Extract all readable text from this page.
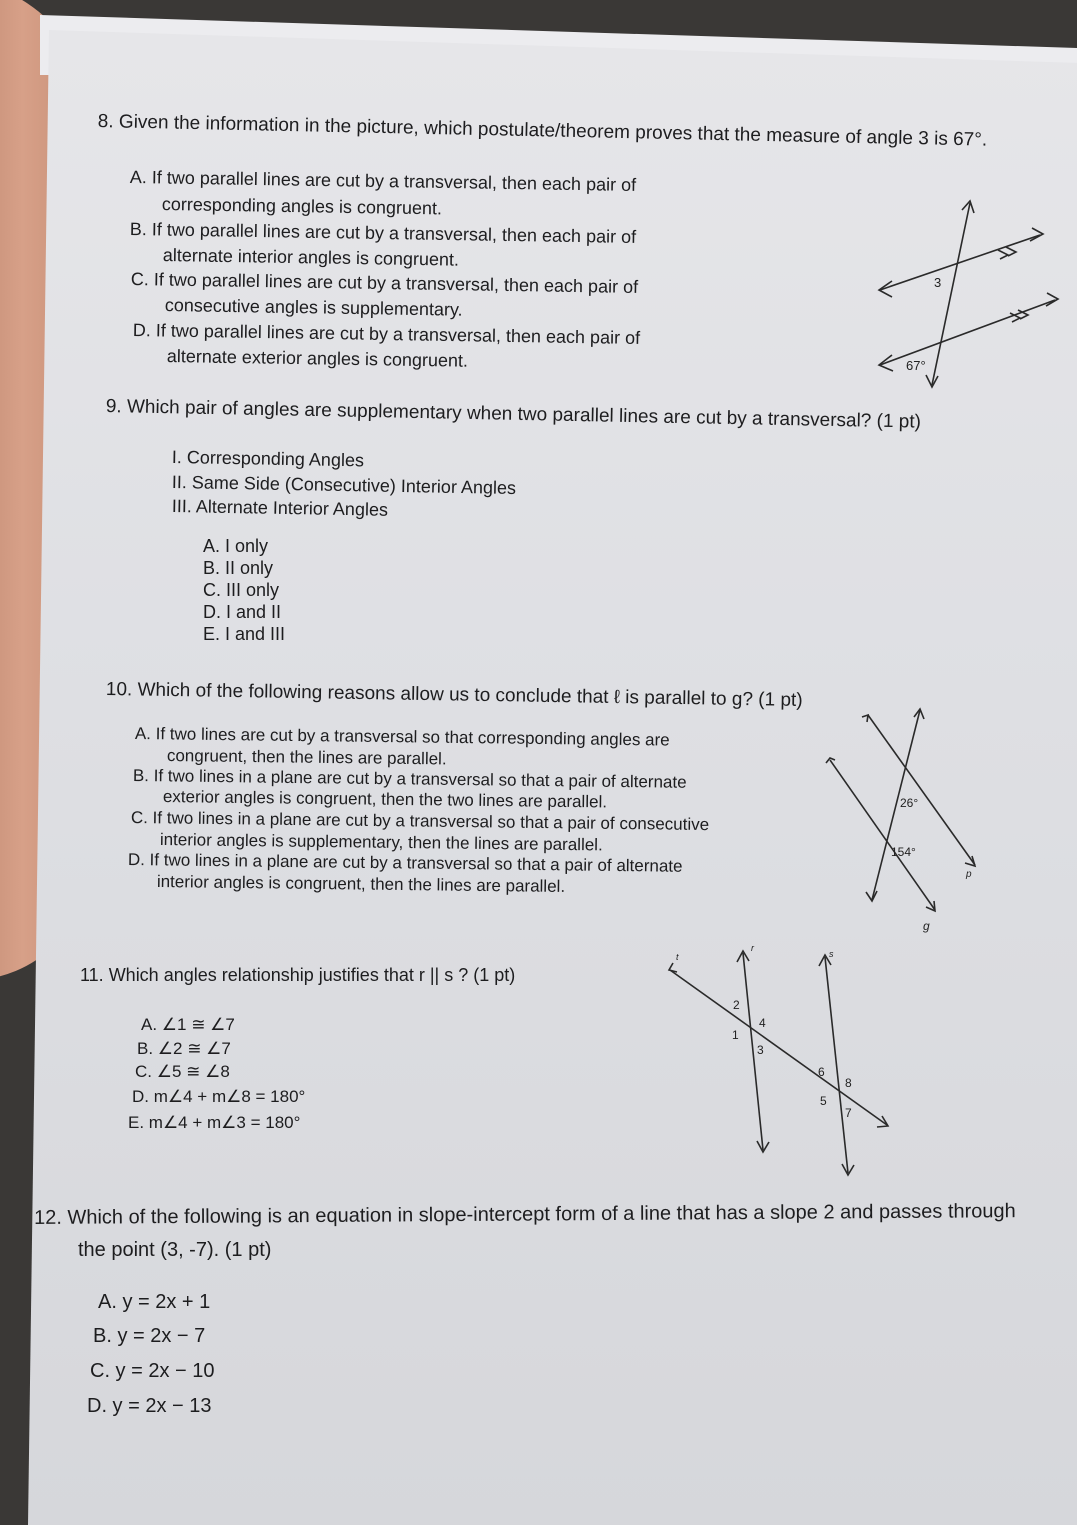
8. Given the information in the picture, which postulate/theorem proves that the measure of angle 3 is 67°.
A. If two parallel lines are cut by a transversal, then each pair of
corresponding angles is congruent.
B. If two parallel lines are cut by a transversal, then each pair of
alternate interior angles is congruent.
C. If two parallel lines are cut by a transversal, then each pair of
consecutive angles is supplementary.
D. If two parallel lines are cut by a transversal, then each pair of
alternate exterior angles is congruent.
3
67°
9. Which pair of angles are supplementary when two parallel lines are cut by a transversal? (1 pt)
I. Corresponding Angles
II. Same Side (Consecutive) Interior Angles
III. Alternate Interior Angles
A. I only
B. II only
C. III only
D. I and II
E. I and III
10. Which of the following reasons allow us to conclude that ℓ is parallel to g? (1 pt)
A. If two lines are cut by a transversal so that corresponding angles are
congruent, then the lines are parallel.
B. If two lines in a plane are cut by a transversal so that a pair of alternate
exterior angles is congruent, then the two lines are parallel.
C. If two lines in a plane are cut by a transversal so that a pair of consecutive
interior angles is supplementary, then the lines are parallel.
D. If two lines in a plane are cut by a transversal so that a pair of alternate
interior angles is congruent, then the lines are parallel.
26°
154°
p
g
11. Which angles relationship justifies that r || s ? (1 pt)
A. ∠1 ≅ ∠7
B. ∠2 ≅ ∠7
C. ∠5 ≅ ∠8
D. m∠4 + m∠8 = 180°
E. m∠4 + m∠3 = 180°
t
r
s
1
2
3
4
5
6
7
8
12. Which of the following is an equation in slope-intercept form of a line that has a slope 2 and passes through
the point (3, -7). (1 pt)
A. y = 2x + 1
B. y = 2x − 7
C. y = 2x − 10
D. y = 2x − 13
